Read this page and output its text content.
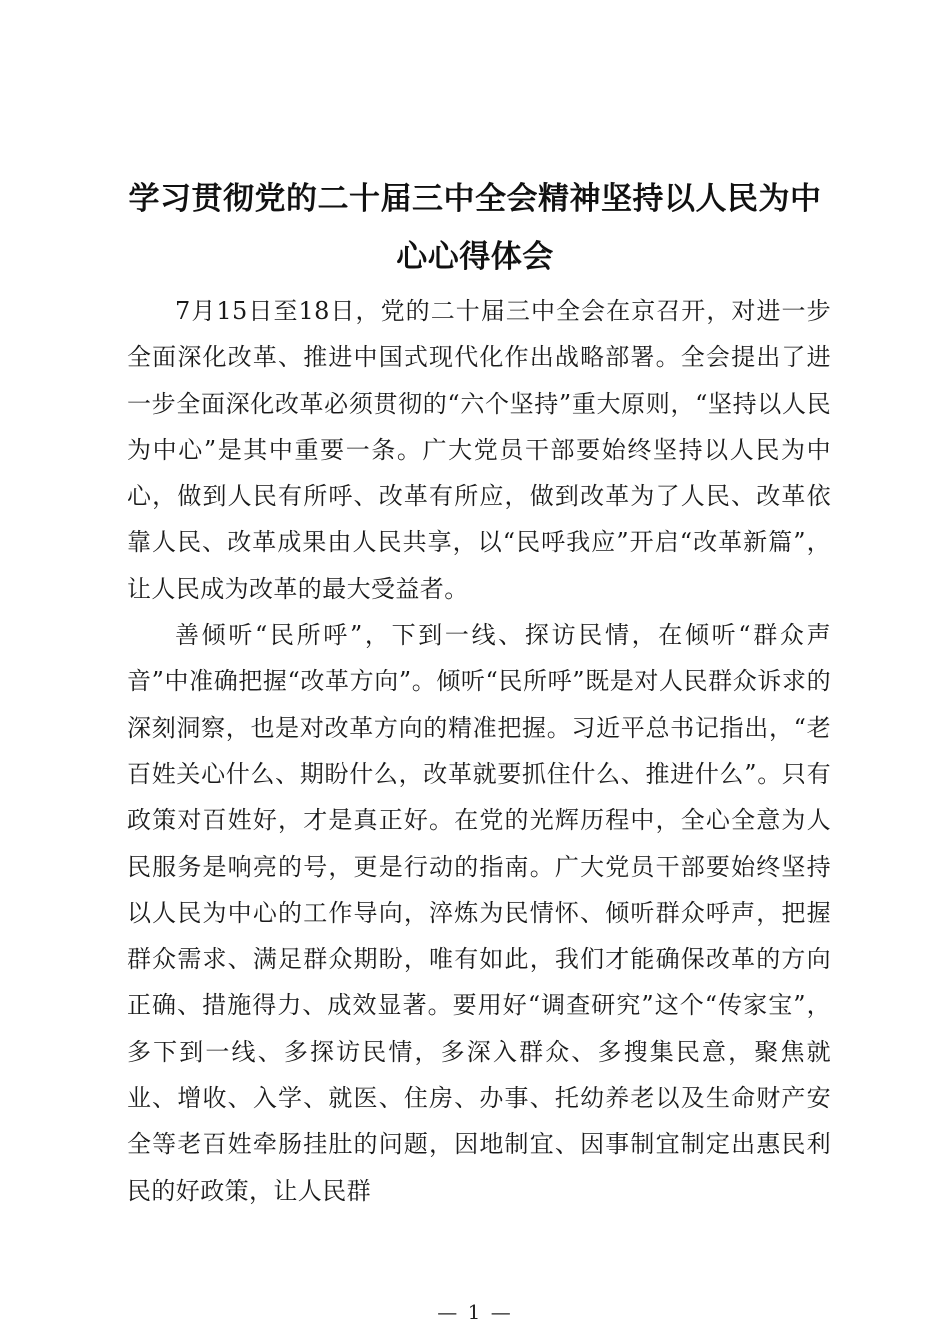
学习贯彻党的二十届三中全会精神坚持以人民为中心心得体会

7月15日至18日，党的二十届三中全会在京召开，对进一步全面深化改革、推进中国式现代化作出战略部署。全会提出了进一步全面深化改革必须贯彻的“六个坚持”重大原则，“坚持以人民为中心”是其中重要一条。广大党员干部要始终坚持以人民为中心，做到人民有所呼、改革有所应，做到改革为了人民、改革依靠人民、改革成果由人民共享，以“民呼我应”开启“改革新篇”，让人民成为改革的最大受益者。

善倾听“民所呼”，下到一线、探访民情，在倾听“群众声音”中准确把握“改革方向”。倾听“民所呼”既是对人民群众诉求的深刻洞察，也是对改革方向的精准把握。习近平总书记指出，“老百姓关心什么、期盼什么，改革就要抓住什么、推进什么”。只有政策对百姓好，才是真正好。在党的光辉历程中，全心全意为人民服务是响亮的号，更是行动的指南。广大党员干部要始终坚持以人民为中心的工作导向，淬炼为民情怀、倾听群众呼声，把握群众需求、满足群众期盼，唯有如此，我们才能确保改革的方向正确、措施得力、成效显著。要用好“调查研究”这个“传家宝”，多下到一线、多探访民情，多深入群众、多搜集民意，聚焦就业、增收、入学、就医、住房、办事、托幼养老以及生命财产安全等老百姓牵肠挂肚的问题，因地制宜、因事制宜制定出惠民利民的好政策，让人民群

— 1 —
